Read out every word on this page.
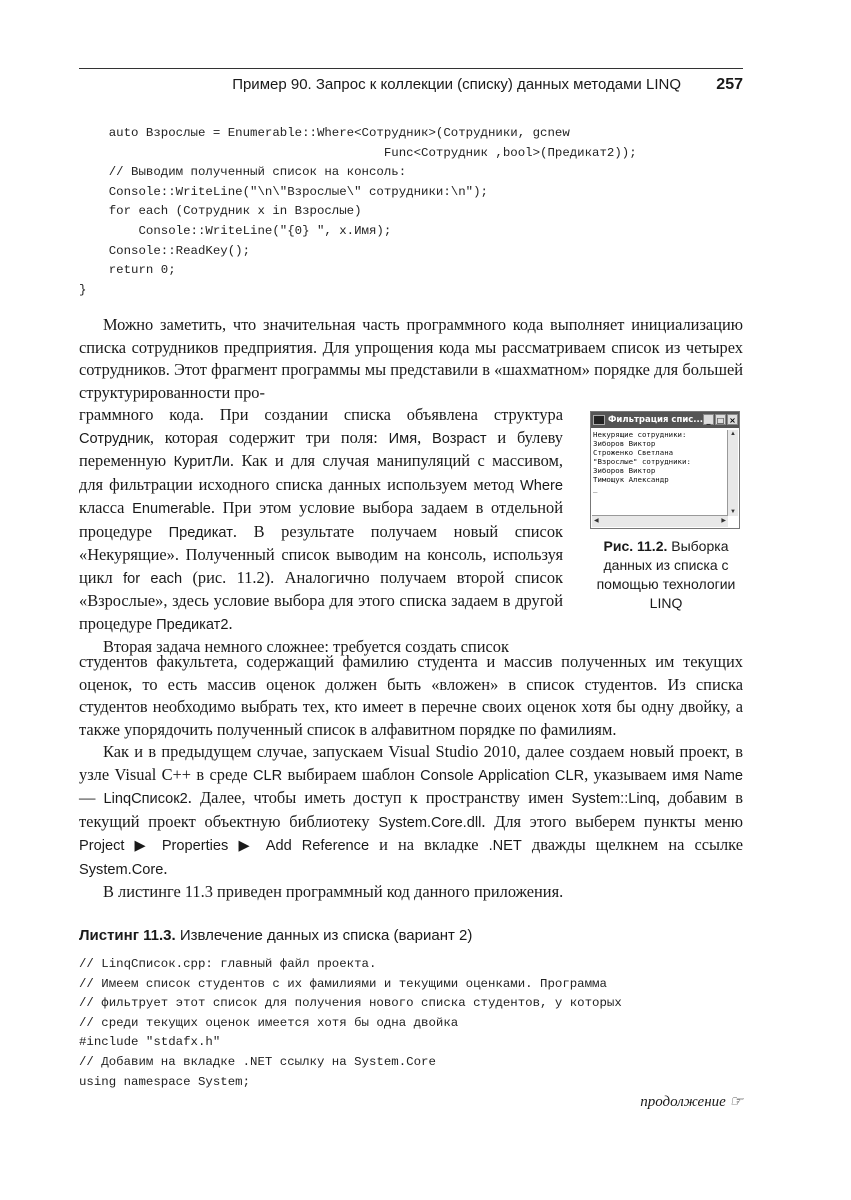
Пример 90. Запрос к коллекции (списку) данных методами LINQ 257
auto Взрослые = Enumerable::Where<Сотрудник>(Сотрудники, gcnew
Func<Сотрудник ,bool>(Предикат2));
// Выводим полученный список на консоль:
Console::WriteLine("\n\"Взрослые\" сотрудники:\n");
for each (Сотрудник x in Взрослые)
Console::WriteLine("{0} ", x.Имя);
Console::ReadKey();
return 0;
}

Можно заметить, что значительная часть программного кода выполняет инициализацию списка сотрудников предприятия. Для упрощения кода мы рассматриваем список из четырех сотрудников. Этот фрагмент программы мы представили в «шахматном» порядке для большей структурированности про-

граммного кода. При создании списка объявлена структура Сотрудник, которая содержит три поля: Имя, Возраст и булеву переменную КуритЛи. Как и для случая манипуляций с массивом, для фильтрации исходного списка данных используем метод Where класса Enumerable. При этом условие выбора задаем в отдельной процедуре Предикат. В результате получаем новый список «Некурящие». Полученный список выводим на консоль, используя цикл for each (рис. 11.2). Аналогично получаем второй список «Взрослые», здесь условие выбора для этого списка задаем в другой процедуре Предикат2.

Вторая задача немного сложнее: требуется создать список

Фильтрация спис... _ □ ×
Некурящие сотрудники:
Зиборов Виктор
Строженко Светлана
"Взрослые" сотрудники:
Зиборов Виктор
Тимощук Александр
_
▲
▼
◀	▶
Рис. 11.2. Выборка данных из списка с помощью технологии LINQ

студентов факультета, содержащий фамилию студента и массив полученных им текущих оценок, то есть массив оценок должен быть «вложен» в список студентов. Из списка студентов необходимо выбрать тех, кто имеет в перечне своих оценок хотя бы одну двойку, а также упорядочить полученный список в алфавитном порядке по фамилиям.

Как и в предыдущем случае, запускаем Visual Studio 2010, далее создаем новый проект, в узле Visual C++ в среде CLR выбираем шаблон Console Application CLR, указываем имя Name — LinqСписок2. Далее, чтобы иметь доступ к пространству имен System::Linq, добавим в текущий проект объектную библиотеку System.Core.dll. Для этого выберем пункты меню Project ▶ Properties ▶ Add Reference и на вкладке .NET дважды щелкнем на ссылке System.Core.

В листинге 11.3 приведен программный код данного приложения.

Листинг 11.3. Извлечение данных из списка (вариант 2)
// LinqСписок.cpp: главный файл проекта.
// Имеем список студентов с их фамилиями и текущими оценками. Программа
// фильтрует этот список для получения нового списка студентов, у которых
// среди текущих оценок имеется хотя бы одна двойка
#include "stdafx.h"
// Добавим на вкладке .NET ссылку на System.Core
using namespace System;
продолжение ☞
